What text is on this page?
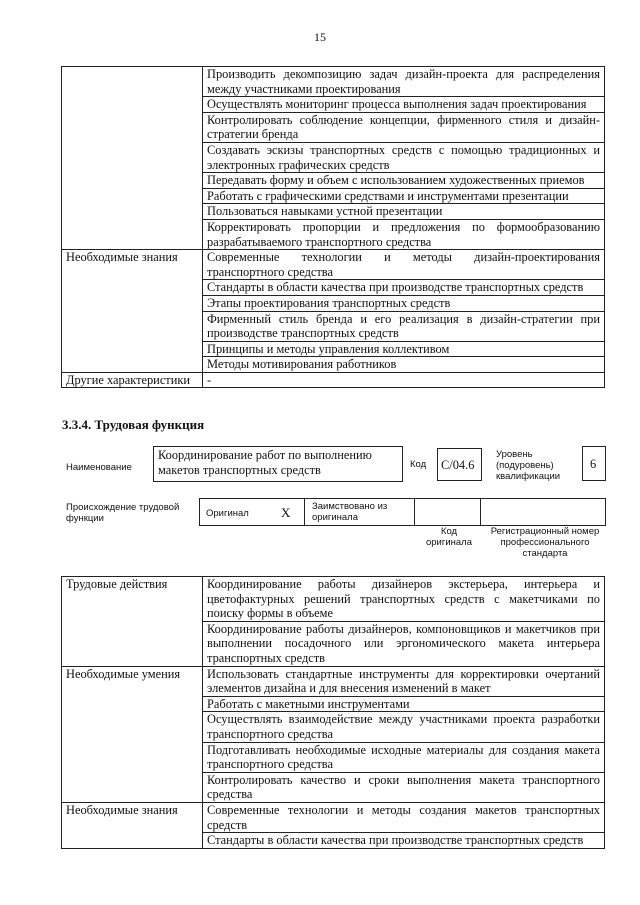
15
	Производить декомпозицию задач дизайн-проекта для распределения между участниками проектирования
	Осуществлять мониторинг процесса выполнения задач проектирования
	Контролировать соблюдение концепции, фирменного стиля и дизайн-стратегии бренда
	Создавать эскизы транспортных средств с помощью традиционных и электронных графических средств
	Передавать форму и объем с использованием художественных приемов
	Работать с графическими средствами и инструментами презентации
	Пользоваться навыками устной презентации
	Корректировать пропорции и предложения по формообразованию разрабатываемого транспортного средства
Необходимые знания	Современные технологии и методы дизайн-проектирования транспортного средства
	Стандарты в области качества при производстве транспортных средств
	Этапы проектирования транспортных средств
	Фирменный стиль бренда и его реализация в дизайн-стратегии при производстве транспортных средств
	Принципы и методы управления коллективом
	Методы мотивирования работников
Другие характеристики	-
3.3.4. Трудовая функция
Наименование
Координирование работ по выполнению макетов транспортных средств	Код С/04.6
Уровень (подуровень) квалификации
6
Происхождение трудовой функции	Оригинал X Заимствовано из оригинала
Код оригинала
Регистрационный номер профессионального стандарта
Трудовые действия	Координирование работы дизайнеров экстерьера, интерьера и цветофактурных решений транспортных средств с макетчиками по поиску формы в объеме
	Координирование работы дизайнеров, компоновщиков и макетчиков при выполнении посадочного или эргономического макета интерьера транспортных средств
Необходимые умения	Использовать стандартные инструменты для корректировки очертаний элементов дизайна и для внесения изменений в макет
	Работать с макетными инструментами
	Осуществлять взаимодействие между участниками проекта разработки транспортного средства
	Подготавливать необходимые исходные материалы для создания макета транспортного средства
	Контролировать качество и сроки выполнения макета транспортного средства
Необходимые знания	Современные технологии и методы создания макетов транспортных средств
	Стандарты в области качества при производстве транспортных средств
